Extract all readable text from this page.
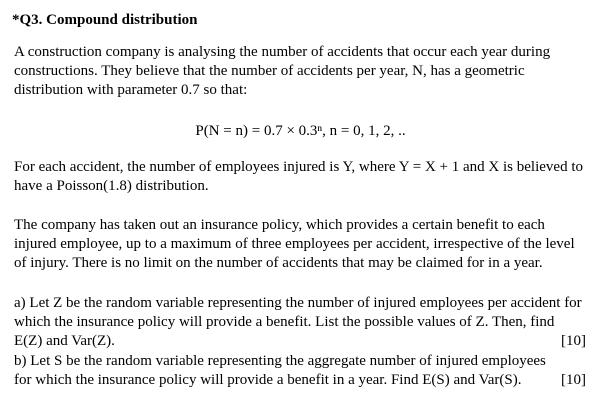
*Q3. Compound distribution
A construction company is analysing the number of accidents that occur each year during
constructions. They believe that the number of accidents per year, N, has a geometric
distribution with parameter 0.7 so that:
P(N = n) = 0.7 × 0.3ⁿ, n = 0, 1, 2, ..
For each accident, the number of employees injured is Y, where Y = X + 1 and X is believed to
have a Poisson(1.8) distribution.
The company has taken out an insurance policy, which provides a certain benefit to each
injured employee, up to a maximum of three employees per accident, irrespective of the level
of injury. There is no limit on the number of accidents that may be claimed for in a year.
a) Let Z be the random variable representing the number of injured employees per accident for
which the insurance policy will provide a benefit. List the possible values of Z. Then, find
E(Z) and Var(Z).	[10]
b) Let S be the random variable representing the aggregate number of injured employees
for which the insurance policy will provide a benefit in a year. Find E(S) and Var(S).	[10]
